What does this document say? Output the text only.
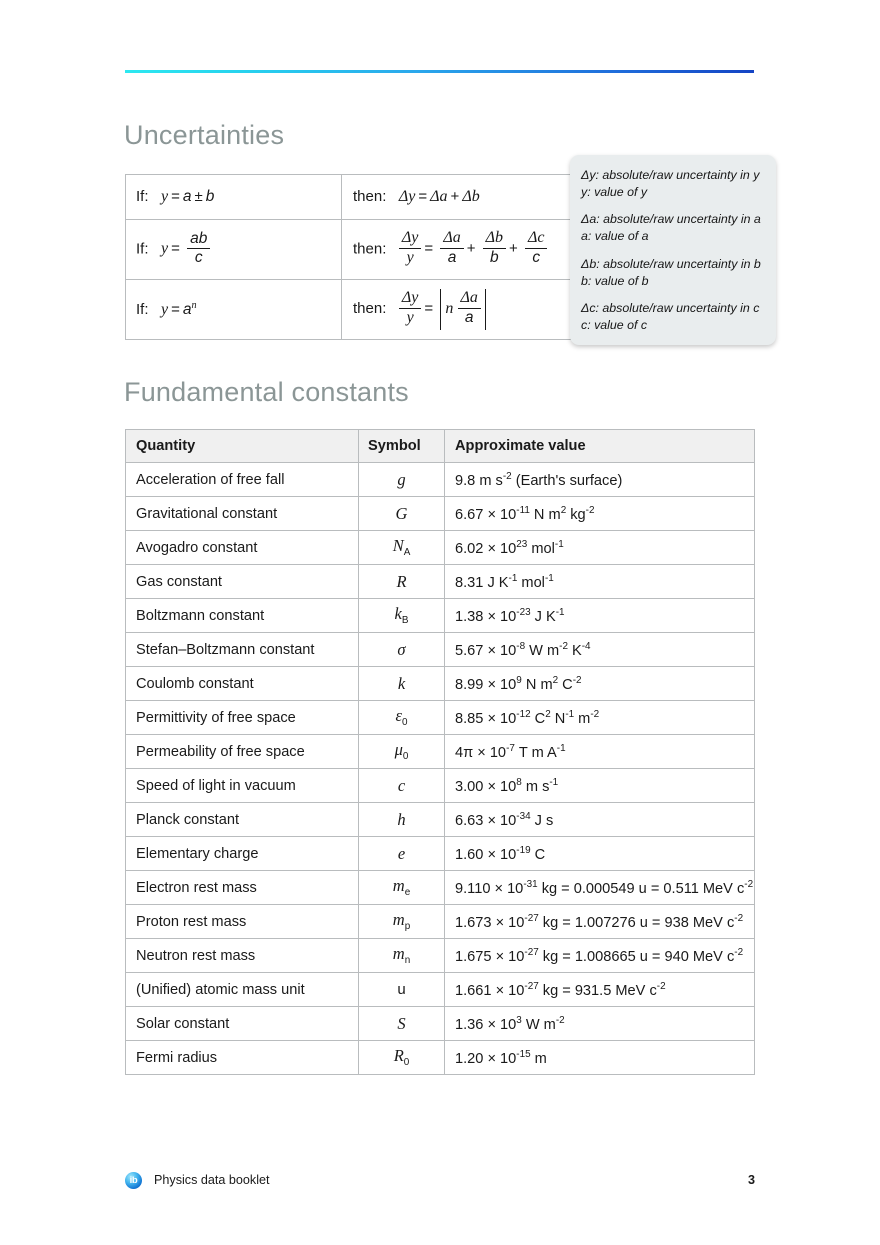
Uncertainties
If: y = a ± b	then: Δy = Δa + Δb
If: $y = \frac{ab}{c}$	then: $\frac{\Delta y}{y} = \frac{\Delta a}{a} + \frac{\Delta b}{b} + \frac{\Delta c}{c}$

If: $y = a^n$	then: $\frac{\Delta y}{y} = n \frac{\Delta a}{a}$
Δy: absolute/raw uncertainty in y
y: value of y
Δa: absolute/raw uncertainty in a
a: value of a
Δb: absolute/raw uncertainty in b
b: value of b
Δc: absolute/raw uncertainty in c
c: value of c
Fundamental constants
Quantity	Symbol	Approximate value
Acceleration of free fall	g	9.8 m $s^{-2}$ (Earth's surface)
Gravitational constant	G	$6.67 \times 10^{-11}$ N $m^2$ $kg^{-2}$
Avogadro constant	$N_A$	$6.02 \times 10^{23}$ mol$^{-1}$
Gas constant	R	8.31 J $K^{-1}$ mol$^{-1}$
Boltzmann constant	$k_B$	$1.38 \times 10^{-23}$ J $K^{-1}$
Stefan–Boltzmann constant	σ	$5.67 \times 10^{-8}$ W $m^{-2}$ $K^{-4}$
Coulomb constant	k	$8.99 \times 10^9$ N $m^2$ $C^{-2}$
Permittivity of free space	$\varepsilon_0$	$8.85 \times 10^{-12}$ $C^2$ $N^{-1}$ $m^{-2}$
Permeability of free space	$\mu_0$	$4\pi \times 10^{-7}$ T m $A^{-1}$
Speed of light in vacuum	c	$3.00 \times 10^8$ m $s^{-1}$
Planck constant	h	$6.63 \times 10^{-34}$ J s
Elementary charge	e	$1.60 \times 10^{-19}$ C
Electron rest mass	$m_e$	$9.110 \times 10^{-31}$ kg = 0.000549 u = 0.511 MeV $c^{-2}$
Proton rest mass	$m_p$	$1.673 \times 10^{-27}$ kg = 1.007276 u = 938 MeV $c^{-2}$
Neutron rest mass	$m_n$	$1.675 \times 10^{-27}$ kg = 1.008665 u = 940 MeV $c^{-2}$
(Unified) atomic mass unit	u	$1.661 \times 10^{-27}$ kg = 931.5 MeV $c^{-2}$
Solar constant	S	$1.36 \times 10^3$ W $m^{-2}$
Fermi radius	$R_0$	$1.20 \times 10^{-15}$ m
ib	Physics data booklet	3
